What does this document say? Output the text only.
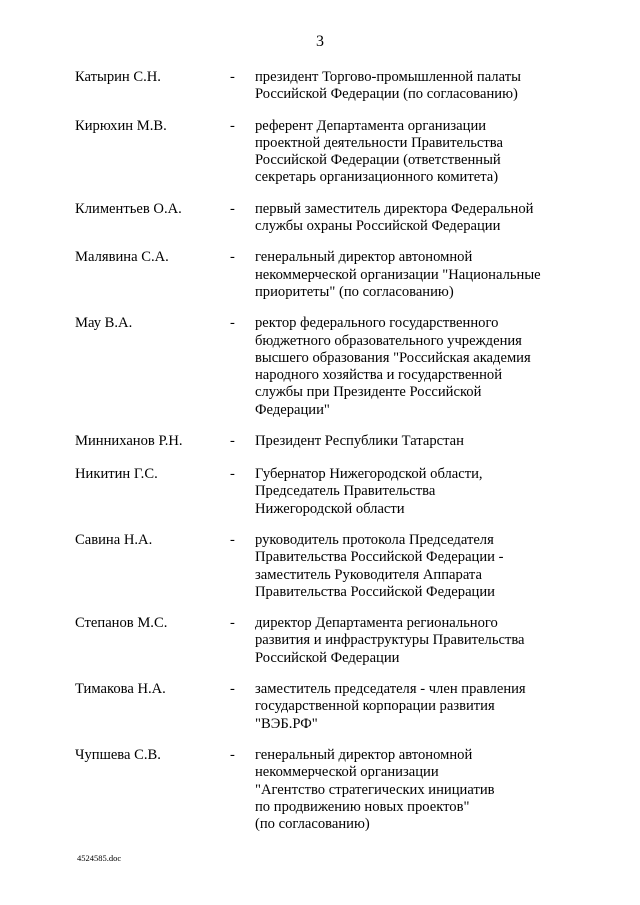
3
Катырин С.Н.	- президент Торгово-промышленной палаты
Российской Федерации (по согласованию)
Кирюхин М.В.	- референт Департамента организации
проектной деятельности Правительства
Российской Федерации (ответственный
секретарь организационного комитета)
Климентьев О.А.	- первый заместитель директора Федеральной
службы охраны Российской Федерации
Малявина С.А.	- генеральный директор автономной
некоммерческой организации "Национальные
приоритеты" (по согласованию)
Мау В.А.	- ректор федерального государственного
бюджетного образовательного учреждения
высшего образования "Российская академия
народного хозяйства и государственной
службы при Президенте Российской
Федерации"
Минниханов Р.Н.	- Президент Республики Татарстан
Никитин Г.С.	- Губернатор Нижегородской области,
Председатель Правительства
Нижегородской области
Савина Н.А.	- руководитель протокола Председателя
Правительства Российской Федерации -
заместитель Руководителя Аппарата
Правительства Российской Федерации
Степанов М.С.	- директор Департамента регионального
развития и инфраструктуры Правительства
Российской Федерации
Тимакова Н.А.	- заместитель председателя - член правления
государственной корпорации развития
"ВЭБ.РФ"
Чупшева С.В.	- генеральный директор автономной
некоммерческой организации
"Агентство стратегических инициатив
по продвижению новых проектов"
(по согласованию)
4524585.doc
